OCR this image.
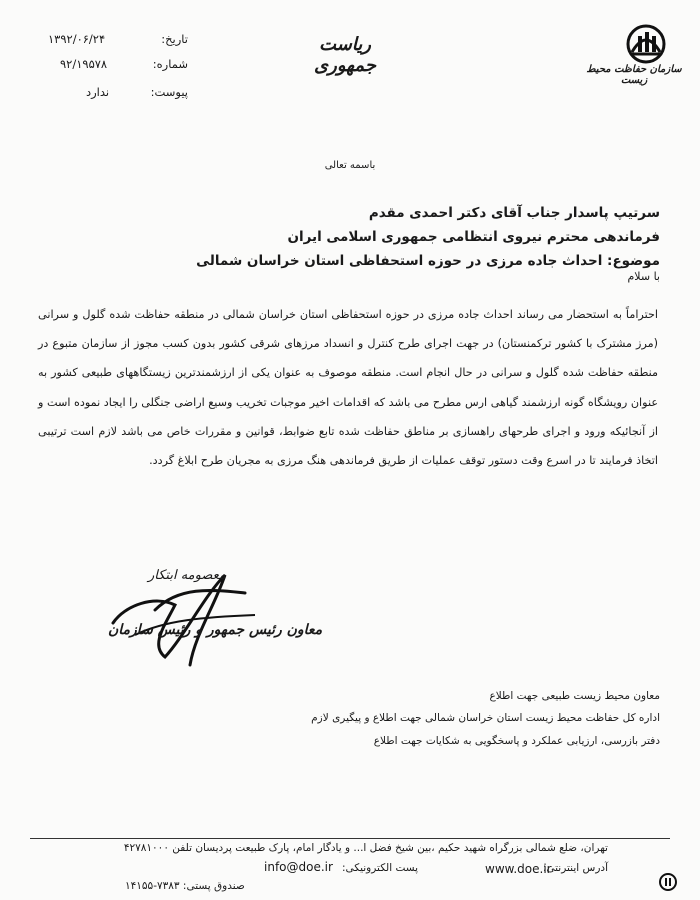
تاریخ:
۱۳۹۲/۰۶/۲۴
شماره:
۹۲/۱۹۵۷۸
پیوست:
ندارد
ریاست جمهوری	سازمان حفاظت محیط زیست
باسمه تعالی
سرتیپ پاسدار جناب آقای دکتر احمدی مقدم
فرماندهی محترم نیروی انتظامی جمهوری اسلامی ایران
موضوع: احداث جاده مرزی در حوزه استحفاظی استان خراسان شمالی
با سلام
احتراماً به استحضار می رساند احداث جاده مرزی در حوزه استحفاظی استان خراسان شمالی در منطقه حفاظت شده گلول و سرانی (مرز مشترک با کشور ترکمنستان) در جهت اجرای طرح کنترل و انسداد مرزهای شرقی کشور بدون کسب مجوز از سازمان متبوع در منطقه حفاظت شده گلول و سرانی در حال انجام است. منطقه موصوف به عنوان یکی از ارزشمندترین زیستگاههای طبیعی کشور به عنوان رویشگاه گونه ارزشمند گیاهی ارس مطرح می باشد که اقدامات اخیر موجبات تخریب وسیع اراضی جنگلی را ایجاد نموده است و از آنجائیکه ورود و اجرای طرحهای راهسازی بر مناطق حفاظت شده تابع ضوابط، قوانین و مقررات خاص می باشد لازم است ترتیبی اتخاذ فرمایند تا در اسرع وقت دستور توقف عملیات از طریق فرماندهی هنگ مرزی به مجریان طرح ابلاغ گردد.
معصومه ابتکار
معاون رئیس جمهور و رئیس سازمان
معاون محیط زیست طبیعی جهت اطلاع
اداره کل حفاظت محیط زیست استان خراسان شمالی جهت اطلاع و پیگیری لازم
دفتر بازرسی، ارزیابی عملکرد و پاسخگویی به شکایات جهت اطلاع
تهران، ضلع شمالی بزرگراه شهید حکیم ،بین شیخ فضل ا... و یادگار امام، پارک طبیعت پردیسان تلفن ۴۲۷۸۱۰۰۰
آدرس اینترنتی:
www.doe.ir
پست الکترونیکی:
info@doe.ir
صندوق پستی: ۷۳۸۳-۱۴۱۵۵
